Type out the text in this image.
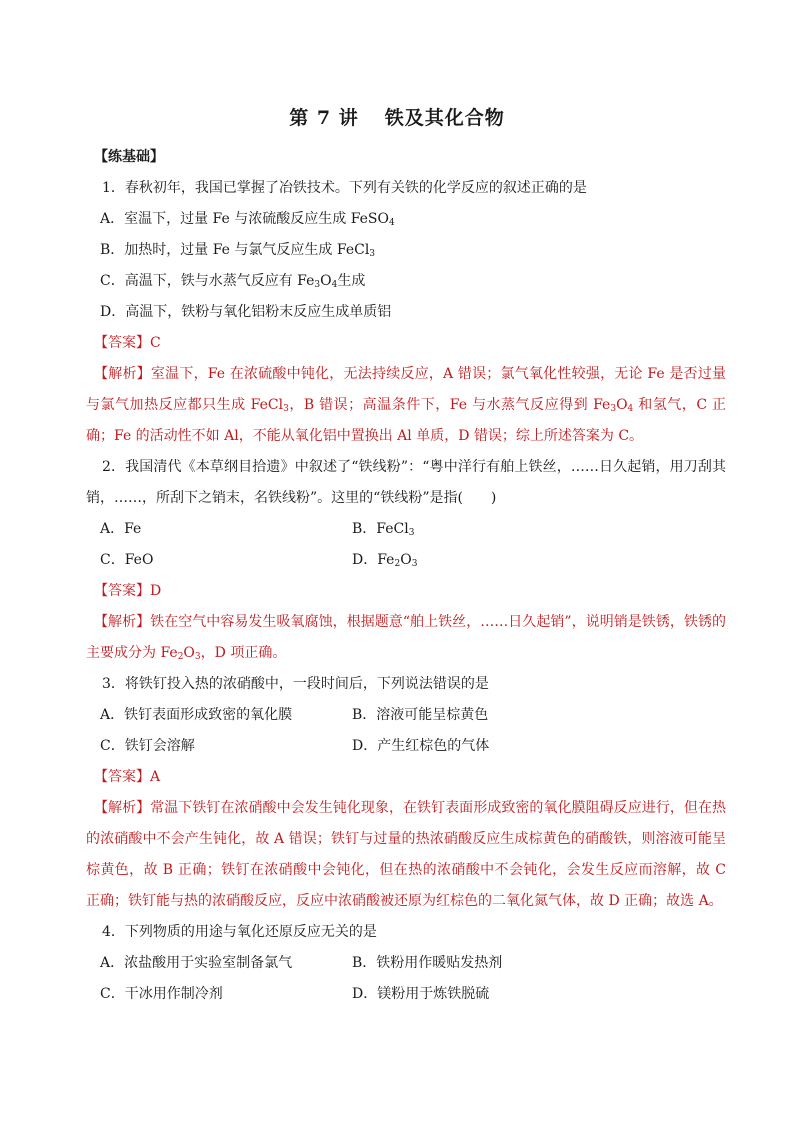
第 7 讲 铁及其化合物
【练基础】
1．春秋初年，我国已掌握了冶铁技术。下列有关铁的化学反应的叙述正确的是
A．室温下，过量 Fe 与浓硫酸反应生成 FeSO$_4$
B．加热时，过量 Fe 与氯气反应生成 FeCl$_3$
C．高温下，铁与水蒸气反应有 $Fe_3O_4$生成
D．高温下，铁粉与氧化铝粉末反应生成单质铝
【答案】C
【解析】室温下，Fe 在浓硫酸中钝化，无法持续反应，A 错误；氯气氧化性较强，无论 Fe 是否过量与氯气加热反应都只生成 FeCl$_3$，B 错误；高温条件下，Fe 与水蒸气反应得到 $Fe_3O_4$ 和氢气，C 正确；Fe 的活动性不如 Al，不能从氧化铝中置换出 Al 单质，D 错误；综上所述答案为 C。
2．我国清代《本草纲目拾遗》中叙述了“铁线粉”：“粤中洋行有舶上铁丝，……日久起销，用刀刮其销，……，所刮下之销末，名铁线粉”。这里的“铁线粉”是指(　　)
A．Fe	B．FeCl$_3$
C．FeO	D．$Fe_2O_3$
【答案】D
【解析】铁在空气中容易发生吸氧腐蚀，根据题意“舶上铁丝，……日久起销”，说明销是铁锈，铁锈的主要成分为 $Fe_2O_3$，D 项正确。
3．将铁钉投入热的浓硝酸中，一段时间后，下列说法错误的是
A．铁钉表面形成致密的氧化膜	B．溶液可能呈棕黄色
C．铁钉会溶解	D．产生红棕色的气体
【答案】A
【解析】常温下铁钉在浓硝酸中会发生钝化现象，在铁钉表面形成致密的氧化膜阻碍反应进行，但在热的浓硝酸中不会产生钝化，故 A 错误；铁钉与过量的热浓硝酸反应生成棕黄色的硝酸铁，则溶液可能呈棕黄色，故 B 正确；铁钉在浓硝酸中会钝化，但在热的浓硝酸中不会钝化，会发生反应而溶解，故 C 正确；铁钉能与热的浓硝酸反应，反应中浓硝酸被还原为红棕色的二氧化氮气体，故 D 正确；故选 A。
4．下列物质的用途与氧化还原反应无关的是
A．浓盐酸用于实验室制备氯气	B．铁粉用作暖贴发热剂
C．干冰用作制冷剂	D．镁粉用于炼铁脱硫
